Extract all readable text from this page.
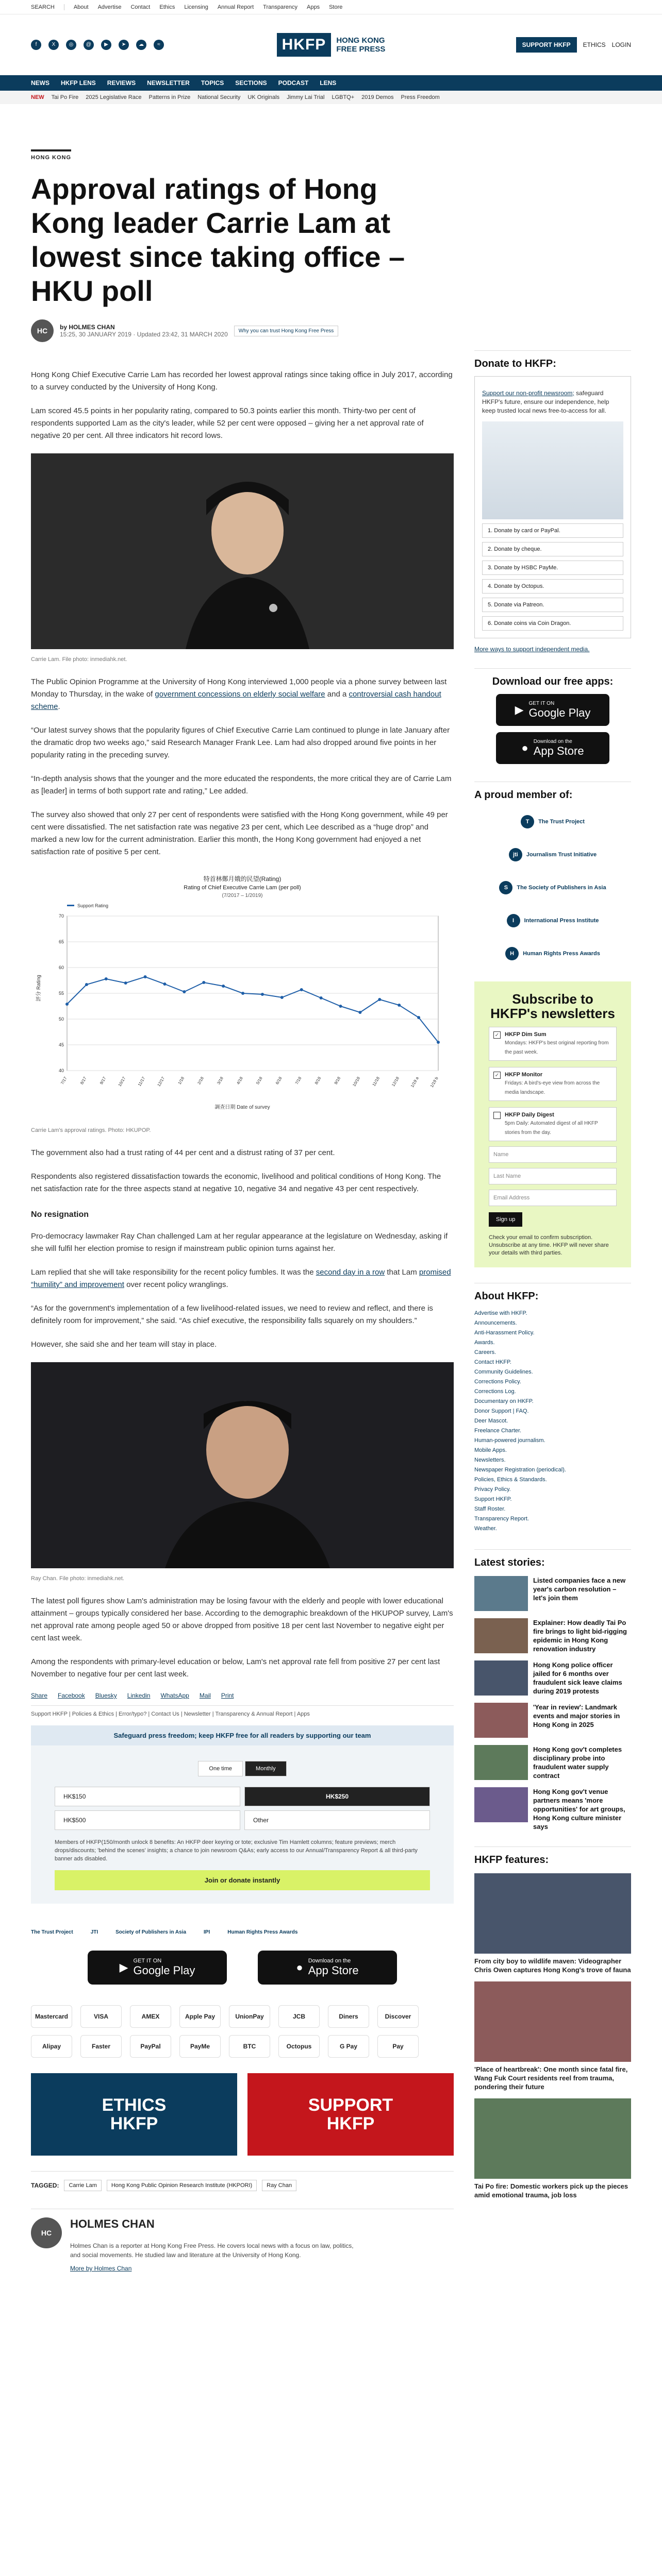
SEARCH	About Advertise Contact Ethics Licensing Annual Report Transparency Apps Store
f	X	◎	@	▶	➤	☁	≈	HKFP	HONG KONG
FREE PRESS	SUPPORT HKFP	ETHICS LOGIN
NEWS HKFP LENS REVIEWS NEWSLETTER TOPICS SECTIONS PODCAST LENS
NEW Tai Po Fire 2025 Legislative Race Patterns in Prize National Security UK Originals Jimmy Lai Trial LGBTQ+ 2019 Demos Press Freedom
HONG KONG
Approval ratings of Hong Kong leader Carrie Lam at lowest since taking office – HKU poll
HC	by HOLMES CHAN
15:25, 30 JANUARY 2019 · Updated 23:42, 31 MARCH 2020	Why you can trust Hong Kong Free Press

Hong Kong Chief Executive Carrie Lam has recorded her lowest approval ratings since taking office in July 2017, according to a survey conducted by the University of Hong Kong.

Lam scored 45.5 points in her popularity rating, compared to 50.3 points earlier this month. Thirty-two per cent of respondents supported Lam as the city's leader, while 52 per cent were opposed – giving her a net approval rate of negative 20 per cent. All three indicators hit record lows.

Carrie Lam. File photo: inmediahk.net.

The Public Opinion Programme at the University of Hong Kong interviewed 1,000 people via a phone survey between last Monday to Thursday, in the wake of government concessions on elderly social welfare and a controversial cash handout scheme.

“Our latest survey shows that the popularity figures of Chief Executive Carrie Lam continued to plunge in late January after the dramatic drop two weeks ago,” said Research Manager Frank Lee. Lam had also dropped around five points in her popularity rating in the preceding survey.

“In-depth analysis shows that the younger and the more educated the respondents, the more critical they are of Carrie Lam as [leader] in terms of both support rate and rating,” Lee added.

The survey also showed that only 27 per cent of respondents were satisfied with the Hong Kong government, while 49 per cent were dissatisfied. The net satisfaction rate was negative 23 per cent, which Lee described as a “huge drop” and marked a new low for the current administration. Earlier this month, the Hong Kong government had enjoyed a net satisfaction rate of positive 5 per cent.

特首林鄭月娥的民望(Rating)
Rating of Chief Executive Carrie Lam (per poll)
(7/2017 – 1/2019)
Support Rating
評分 Rating
調查日期 Date of survey
40
45
50
55
60
65
70
7/17	8/17	9/17	10/17	11/17	12/17	1/18	2/18	3/18	4/18	5/18	6/18	7/18	8/18	9/18	10/18	11/18	12/18 1/19 a 1/19 b
Carrie Lam's approval ratings. Photo: HKUPOP.

The government also had a trust rating of 44 per cent and a distrust rating of 37 per cent.

Respondents also registered dissatisfaction towards the economic, livelihood and political conditions of Hong Kong. The net satisfaction rate for the three aspects stand at negative 10, negative 34 and negative 43 per cent respectively.

No resignation

Pro-democracy lawmaker Ray Chan challenged Lam at her regular appearance at the legislature on Wednesday, asking if she will fulfil her election promise to resign if mainstream public opinion turns against her.

Lam replied that she will take responsibility for the recent policy fumbles. It was the second day in a row that Lam promised “humility” and improvement over recent policy wranglings.

“As for the government's implementation of a few livelihood-related issues, we need to review and reflect, and there is definitely room for improvement,” she said. “As chief executive, the responsibility falls squarely on my shoulders.”

However, she said she and her team will stay in place.

Ray Chan. File photo: inmediahk.net.

The latest poll figures show Lam's administration may be losing favour with the elderly and people with lower educational attainment – groups typically considered her base. According to the demographic breakdown of the HKUPOP survey, Lam's net approval rate among people aged 50 or above dropped from positive 18 per cent last November to negative eight per cent last week.

Among the respondents with primary-level education or below, Lam's net approval rate fell from positive 27 per cent last November to negative four per cent last week.

Share Facebook Bluesky Linkedin WhatsApp Mail Print
Support HKFP | Policies & Ethics | Error/typo? | Contact Us | Newsletter | Transparency & Annual Report | Apps
Safeguard press freedom; keep HKFP free for all readers by supporting our team
One time	Monthly
HK$150	HK$250
HK$500	Other
Members of HKFP(150/month unlock 8 benefits: An HKFP deer keyring or tote; exclusive Tim Hamlett columns; feature previews; merch drops/discounts; 'behind the scenes' insights; a chance to join newsroom Q&As; early access to our Annual/Transparency Report & all third-party banner ads disabled.
Join or donate instantly
The Trust Project	JTI	Society of Publishers in Asia	IPI	Human Rights Press Awards
▶ GET IT ON
Google Play	● Download on the
App Store
Mastercard	VISA	AMEX	Apple Pay	UnionPay	JCB	Diners	Discover
Alipay	Faster	PayPal	PayMe	BTC	Octopus	G Pay	Pay
ETHICS
HKFP
SUPPORT
HKFP
TAGGED:	Carrie Lam	Hong Kong Public Opinion Research Institute (HKPORI)	Ray Chan
HC
HOLMES CHAN
Holmes Chan is a reporter at Hong Kong Free Press. He covers local news with a focus on law, politics, and social movements. He studied law and literature at the University of Hong Kong.
More by Holmes Chan
Donate to HKFP:

Support our non-profit newsroom; safeguard HKFP's future, ensure our independence, help keep trusted local news free-to-access for all.

1. Donate by card or PayPal.
2. Donate by cheque.
3. Donate by HSBC PayMe.
4. Donate by Octopus.
5. Donate via Patreon.
6. Donate coins via Coin Dragon.
More ways to support independent media.
Download our free apps:
▶ GET IT ON
Google Play
● Download on the
App Store
A proud member of:
T	The Trust Project
jti	Journalism Trust Initiative
S	The Society of Publishers in Asia
I	International Press Institute
H	Human Rights Press Awards
Subscribe to HKFP's newsletters
✓ HKFP Dim Sum
Mondays: HKFP's best original reporting from the past week.
✓ HKFP Monitor
Fridays: A bird's-eye view from across the media landscape.
HKFP Daily Digest
5pm Daily: Automated digest of all HKFP stories from the day.
Name
Last Name
Email Address
Sign up
Check your email to confirm subscription. Unsubscribe at any time. HKFP will never share your details with third parties.
About HKFP:
Advertise with HKFP.
Announcements.
Anti-Harassment Policy.
Awards.
Careers.
Contact HKFP.
Community Guidelines.
Corrections Policy.
Corrections Log.
Documentary on HKFP.
Donor Support | FAQ.
Deer Mascot.
Freelance Charter.
Human-powered journalism.
Mobile Apps.
Newsletters.
Newspaper Registration (periodical).
Policies, Ethics & Standards.
Privacy Policy.
Support HKFP.
Staff Roster.
Transparency Report.
Weather.
Latest stories:
Listed companies face a new year's carbon resolution – let's join them
Explainer: How deadly Tai Po fire brings to light bid-rigging epidemic in Hong Kong renovation industry
Hong Kong police officer jailed for 6 months over fraudulent sick leave claims during 2019 protests
'Year in review': Landmark events and major stories in Hong Kong in 2025
Hong Kong gov't completes disciplinary probe into fraudulent water supply contract
Hong Kong gov't venue partners means 'more opportunities' for art groups, Hong Kong culture minister says
HKFP features:
From city boy to wildlife maven: Videographer Chris Owen captures Hong Kong's trove of fauna
'Place of heartbreak': One month since fatal fire, Wang Fuk Court residents reel from trauma, pondering their future
Tai Po fire: Domestic workers pick up the pieces amid emotional trauma, job loss
